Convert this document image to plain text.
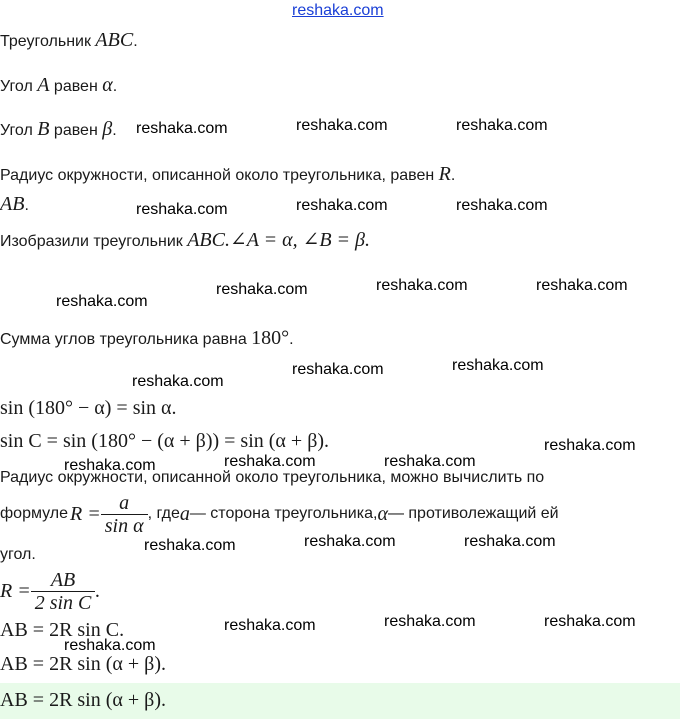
reshaka.com
Треугольник ABC.
Угол A равен α.
Угол B равен β.
Радиус окружности, описанной около треугольника, равен R.
AB.
Изобразили треугольник ABC.∠A = α, ∠B = β.
Сумма углов треугольника равна 180°.
sin (180° − α) = sin α.
sin C = sin (180° − (α + β)) = sin (α + β).
Радиус окружности, описанной около треугольника, можно вычислить по
формуле $R = \frac{a}{\text{sin α}}$ , где a — сторона треугольника, α — противолежащий ей
угол.
$R = \frac{AB}{\text{2 sin C}}$ .
AB = 2R sin C.
AB = 2R sin (α + β).
AB = 2R sin (α + β).
reshaka.com	reshaka.com	reshaka.com
reshaka.com	reshaka.com	reshaka.com
reshaka.com
reshaka.com	reshaka.com	reshaka.com
reshaka.com
reshaka.com	reshaka.com
reshaka.com
reshaka.com	reshaka.com	reshaka.com
reshaka.com	reshaka.com	reshaka.com
reshaka.com	reshaka.com	reshaka.com
reshaka.com
